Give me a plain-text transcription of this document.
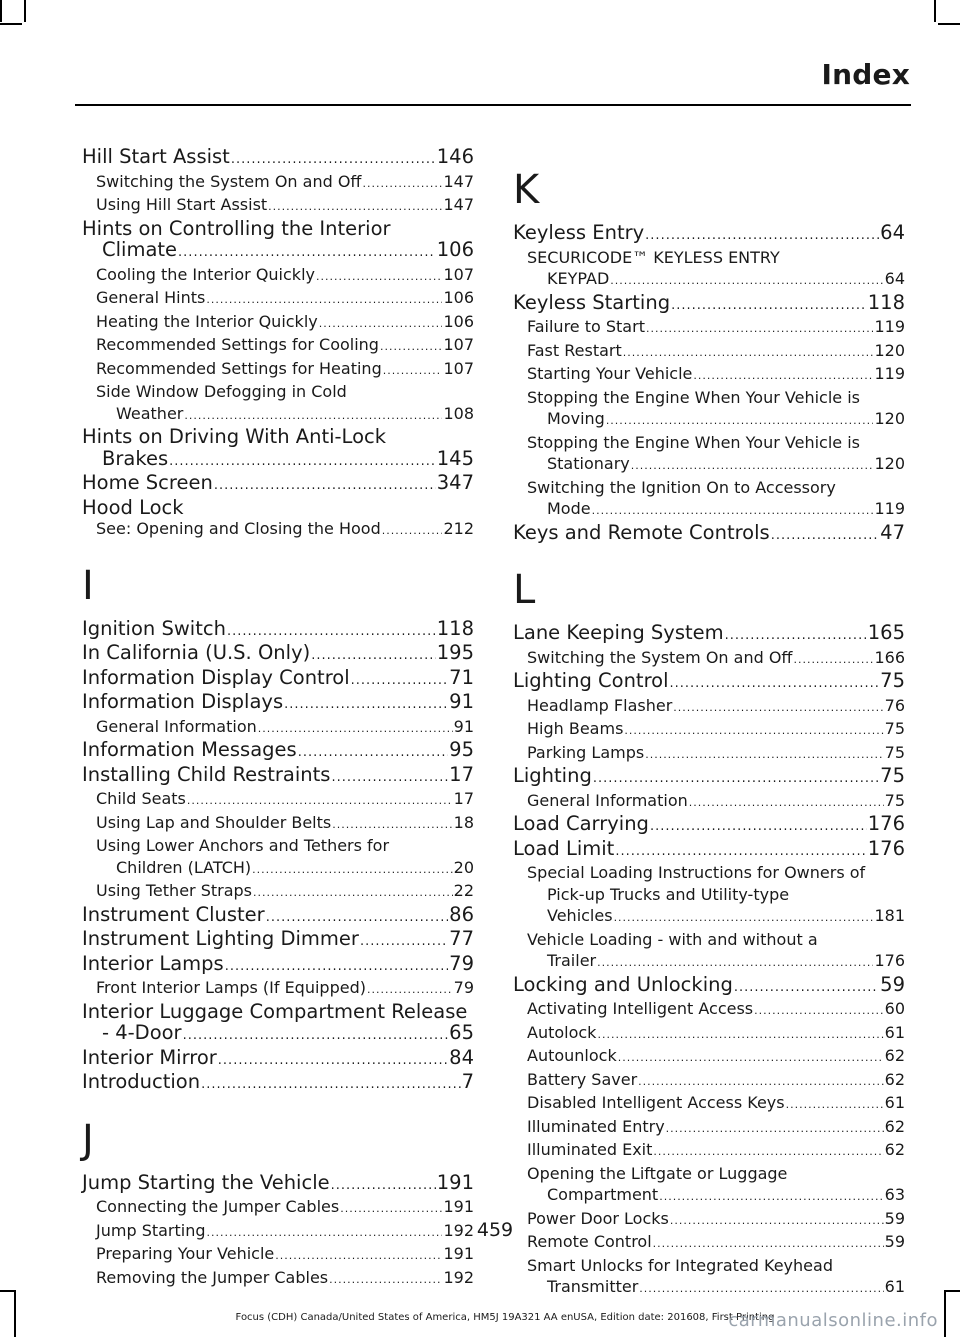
Index
Hill Start Assist .....	146
Switching the System On and Off .....	147
Using Hill Start Assist .....	147
Hints on Controlling the Interior
Climate .....	106
Cooling the Interior Quickly .....	107
General Hints .....	106
Heating the Interior Quickly .....	106
Recommended Settings for Cooling .....	107
Recommended Settings for Heating .....	107
Side Window Defogging in Cold
Weather .....	108
Hints on Driving With Anti-Lock
Brakes .....	145
Home Screen .....	347
Hood Lock
See: Opening and Closing the Hood .....	212
I
Ignition Switch .....	118
In California (U.S. Only) .....	195
Information Display Control .....	71
Information Displays .....	91
General Information .....	91
Information Messages .....	95
Installing Child Restraints .....	17
Child Seats .....	17
Using Lap and Shoulder Belts .....	18
Using Lower Anchors and Tethers for
Children (LATCH) .....	20
Using Tether Straps .....	22
Instrument Cluster .....	86
Instrument Lighting Dimmer .....	77
Interior Lamps .....	79
Front Interior Lamps (If Equipped) .....	79
Interior Luggage Compartment Release
- 4-Door .....	65
Interior Mirror .....	84
Introduction .....	7
J
Jump Starting the Vehicle .....	191
Connecting the Jumper Cables .....	191
Jump Starting .....	192
Preparing Your Vehicle .....	191
Removing the Jumper Cables .....	192
K
Keyless Entry .....	64
SECURICODE™ KEYLESS ENTRY
KEYPAD .....	64
Keyless Starting .....	118
Failure to Start .....	119
Fast Restart .....	120
Starting Your Vehicle .....	119
Stopping the Engine When Your Vehicle is
Moving .....	120
Stopping the Engine When Your Vehicle is
Stationary .....	120
Switching the Ignition On to Accessory
Mode .....	119
Keys and Remote Controls .....	47
L
Lane Keeping System .....	165
Switching the System On and Off .....	166
Lighting Control .....	75
Headlamp Flasher .....	76
High Beams .....	75
Parking Lamps .....	75
Lighting .....	75
General Information .....	75
Load Carrying .....	176
Load Limit .....	176
Special Loading Instructions for Owners of
Pick-up Trucks and Utility-type
Vehicles .....	181
Vehicle Loading - with and without a
Trailer .....	176
Locking and Unlocking .....	59
Activating Intelligent Access .....	60
Autolock .....	61
Autounlock .....	62
Battery Saver .....	62
Disabled Intelligent Access Keys .....	61
Illuminated Entry .....	62
Illuminated Exit .....	62
Opening the Liftgate or Luggage
Compartment .....	63
Power Door Locks .....	59
Remote Control .....	59
Smart Unlocks for Integrated Keyhead
Transmitter .....	61
459
Focus (CDH) Canada/United States of America, HM5J 19A321 AA enUSA, Edition date: 201608, First Printing
carmanualsonline.info
